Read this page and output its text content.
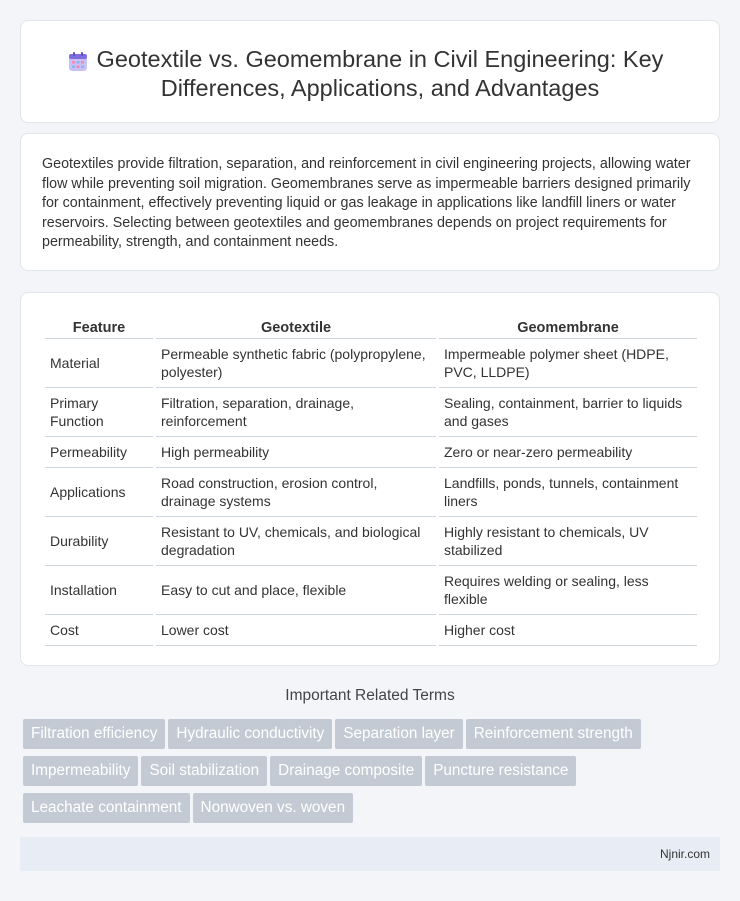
Geotextile vs. Geomembrane in Civil Engineering: Key Differences, Applications, and Advantages

Geotextiles provide filtration, separation, and reinforcement in civil engineering projects, allowing water flow while preventing soil migration. Geomembranes serve as impermeable barriers designed primarily for containment, effectively preventing liquid or gas leakage in applications like landfill liners or water reservoirs. Selecting between geotextiles and geomembranes depends on project requirements for permeability, strength, and containment needs.

Feature	Geotextile	Geomembrane
Material	Permeable synthetic fabric (polypropylene, polyester)	Impermeable polymer sheet (HDPE, PVC, LLDPE)
Primary Function	Filtration, separation, drainage, reinforcement	Sealing, containment, barrier to liquids and gases
Permeability	High permeability	Zero or near-zero permeability
Applications	Road construction, erosion control, drainage systems	Landfills, ponds, tunnels, containment liners
Durability	Resistant to UV, chemicals, and biological degradation	Highly resistant to chemicals, UV stabilized
Installation	Easy to cut and place, flexible	Requires welding or sealing, less flexible
Cost	Lower cost	Higher cost
Important Related Terms
Filtration efficiency Hydraulic conductivity Separation layer Reinforcement strength
Impermeability Soil stabilization Drainage composite Puncture resistance
Leachate containment Nonwoven vs. woven
Njnir.com
